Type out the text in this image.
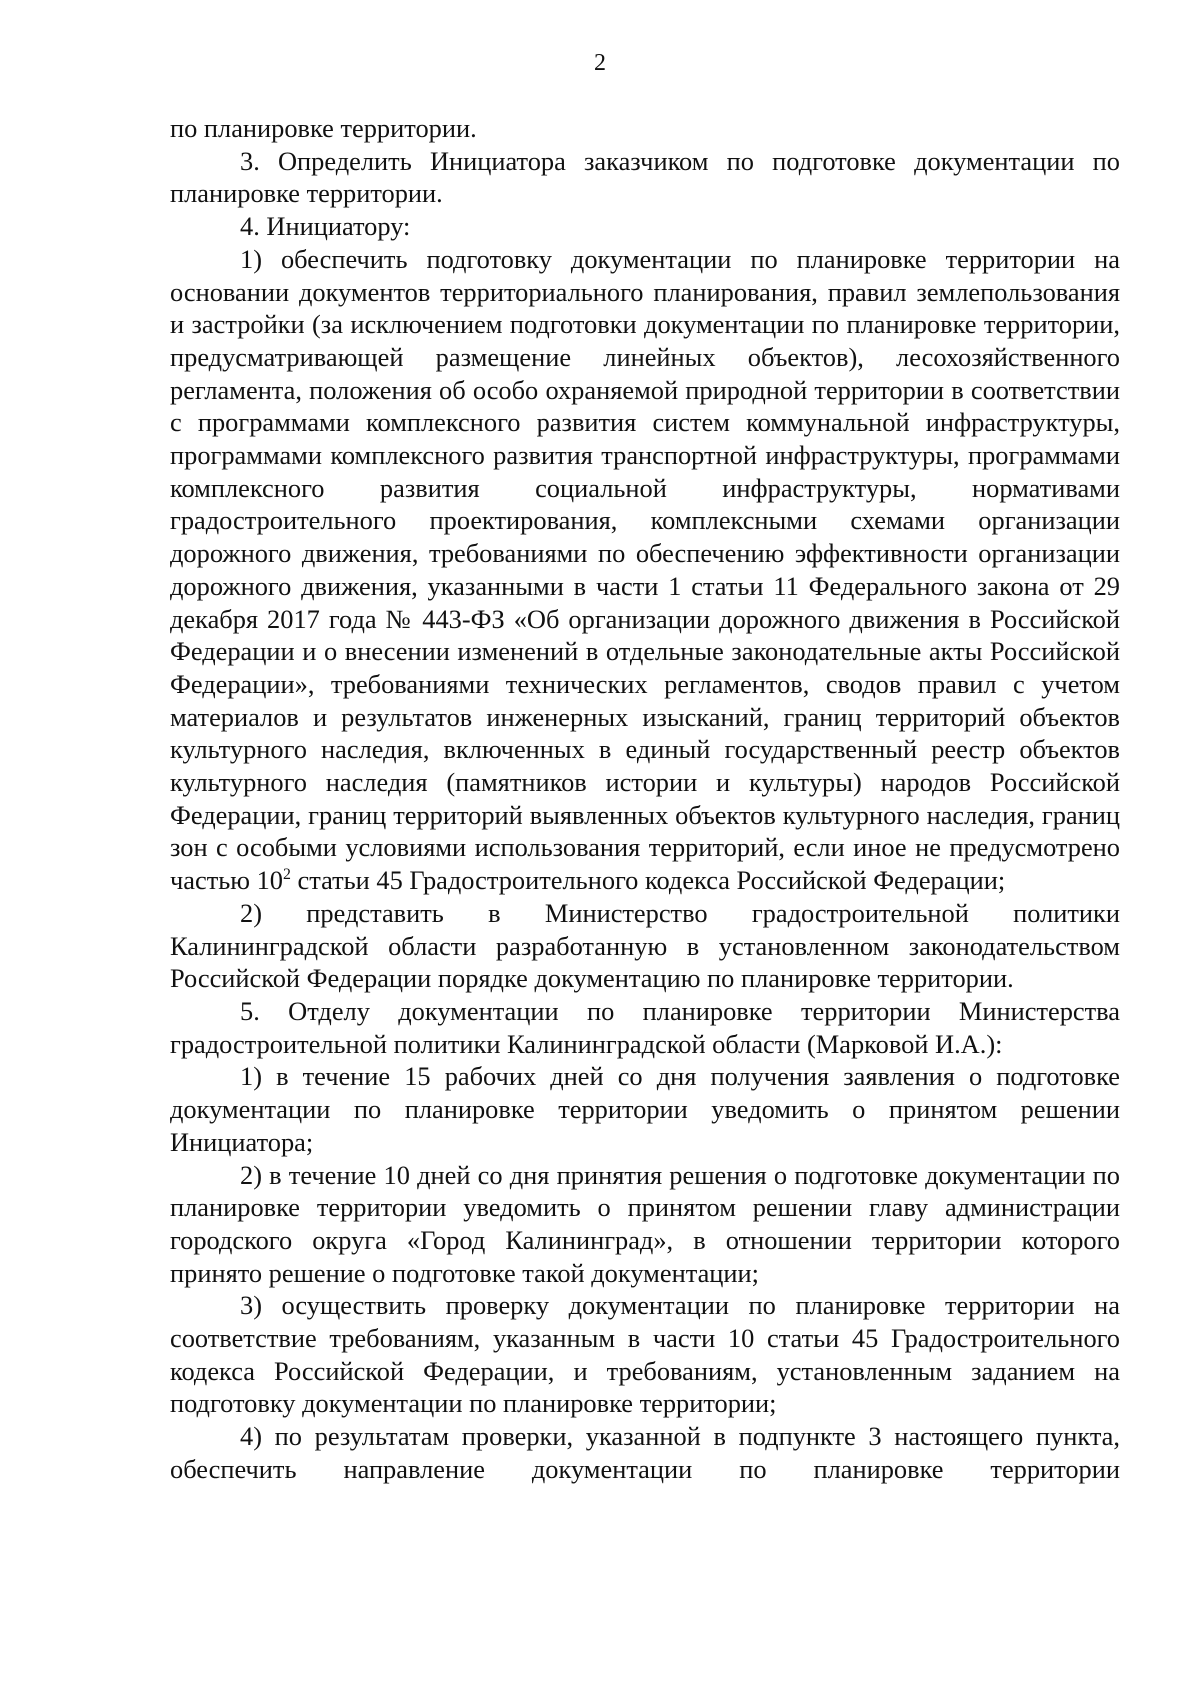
2

по планировке территории.

3. Определить Инициатора заказчиком по подготовке документации по планировке территории.

4. Инициатору:

1) обеспечить подготовку документации по планировке территории на основании документов территориального планирования, правил землепользования и застройки (за исключением подготовки документации по планировке территории, предусматривающей размещение линейных объектов), лесохозяйственного регламента, положения об особо охраняемой природной территории в соответствии с программами комплексного развития систем коммунальной инфраструктуры, программами комплексного развития транспортной инфраструктуры, программами комплексного развития социальной инфраструктуры, нормативами градостроительного проектирования, комплексными схемами организации дорожного движения, требованиями по обеспечению эффективности организации дорожного движения, указанными в части 1 статьи 11 Федерального закона от 29 декабря 2017 года № 443-ФЗ «Об организации дорожного движения в Российской Федерации и о внесении изменений в отдельные законодательные акты Российской Федерации», требованиями технических регламентов, сводов правил с учетом материалов и результатов инженерных изысканий, границ территорий объектов культурного наследия, включенных в единый государственный реестр объектов культурного наследия (памятников истории и культуры) народов Российской Федерации, границ территорий выявленных объектов культурного наследия, границ зон с особыми условиями использования территорий, если иное не предусмотрено частью $10^2$ статьи 45 Градостроительного кодекса Российской Федерации;

2) представить в Министерство градостроительной политики Калининградской области разработанную в установленном законодательством Российской Федерации порядке документацию по планировке территории.

5. Отделу документации по планировке территории Министерства градостроительной политики Калининградской области (Марковой И.А.):

1) в течение 15 рабочих дней со дня получения заявления о подготовке документации по планировке территории уведомить о принятом решении Инициатора;

2) в течение 10 дней со дня принятия решения о подготовке документации по планировке территории уведомить о принятом решении главу администрации городского округа «Город Калининград», в отношении территории которого принято решение о подготовке такой документации;

3) осуществить проверку документации по планировке территории на соответствие требованиям, указанным в части 10 статьи 45 Градостроительного кодекса Российской Федерации, и требованиям, установленным заданием на подготовку документации по планировке территории;

4) по результатам проверки, указанной в подпункте 3 настоящего пункта, обеспечить направление документации по планировке территории
